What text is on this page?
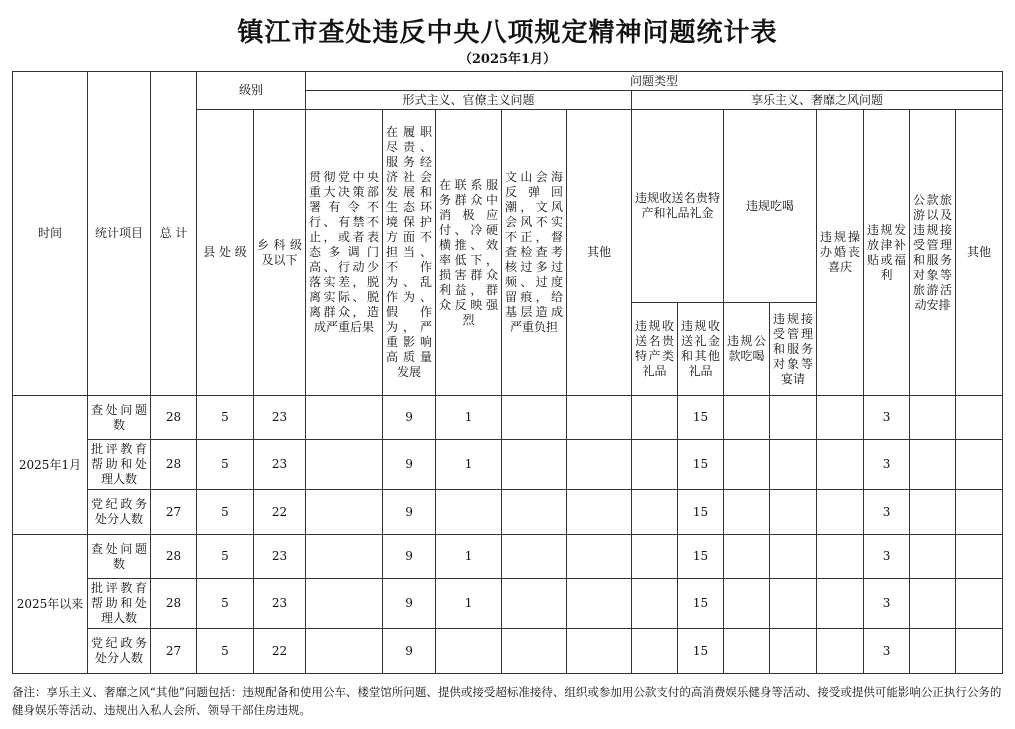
镇江市查处违反中央八项规定精神问题统计表
（2025年1月）
时间	统计项目	总 计	级别		问题类型												
					形式主义、官僚主义问题					享乐主义、奢靡之风问题							
			县 处 级	乡科级及以下	贯彻党中央重大决策部署有令不行、有禁不止，或者表态多调门高、行动少落实差，脱离实际、脱离群众，造成严重后果	在履职尽责、服务经济社会发展和生态环境保护方面不担当、不作为、乱作为、假作为，严重影响高质量发展	在联系服务群众中消极应付、冷硬横推、效率低下，损害群众利益，群众反映强烈	文山会海反弹回潮，文风会风不实不正，督查检查考核过多过频、过度留痕，给基层造成严重负担	其他	违规收送名贵特产和礼品礼金		违规吃喝		违规操办婚丧喜庆	违规发放津补贴或福利	公款旅游以及违规接受管理和服务对象等旅游活动安排	其他
										违规收送名贵特产类礼品	违规收送礼金和其他礼品	违规公款吃喝	违规接受管理和服务对象等宴请				
2025年1月	查处问题数	28	5	23		9	1				15				3		
	批评教育帮助和处理人数	28	5	23		9	1				15				3		
	党纪政务处分人数	27	5	22		9					15				3		
2025年以来	查处问题数	28	5	23		9	1				15				3		
	批评教育帮助和处理人数	28	5	23		9	1				15				3		
	党纪政务处分人数	27	5	22		9					15				3		
备注：享乐主义、奢靡之风“其他”问题包括：违规配备和使用公车、楼堂馆所问题、提供或接受超标准接待、组织或参加用公款支付的高消费娱乐健身等活动、接受或提供可能影响公正执行公务的健身娱乐等活动、违规出入私人会所、领导干部住房违规。
